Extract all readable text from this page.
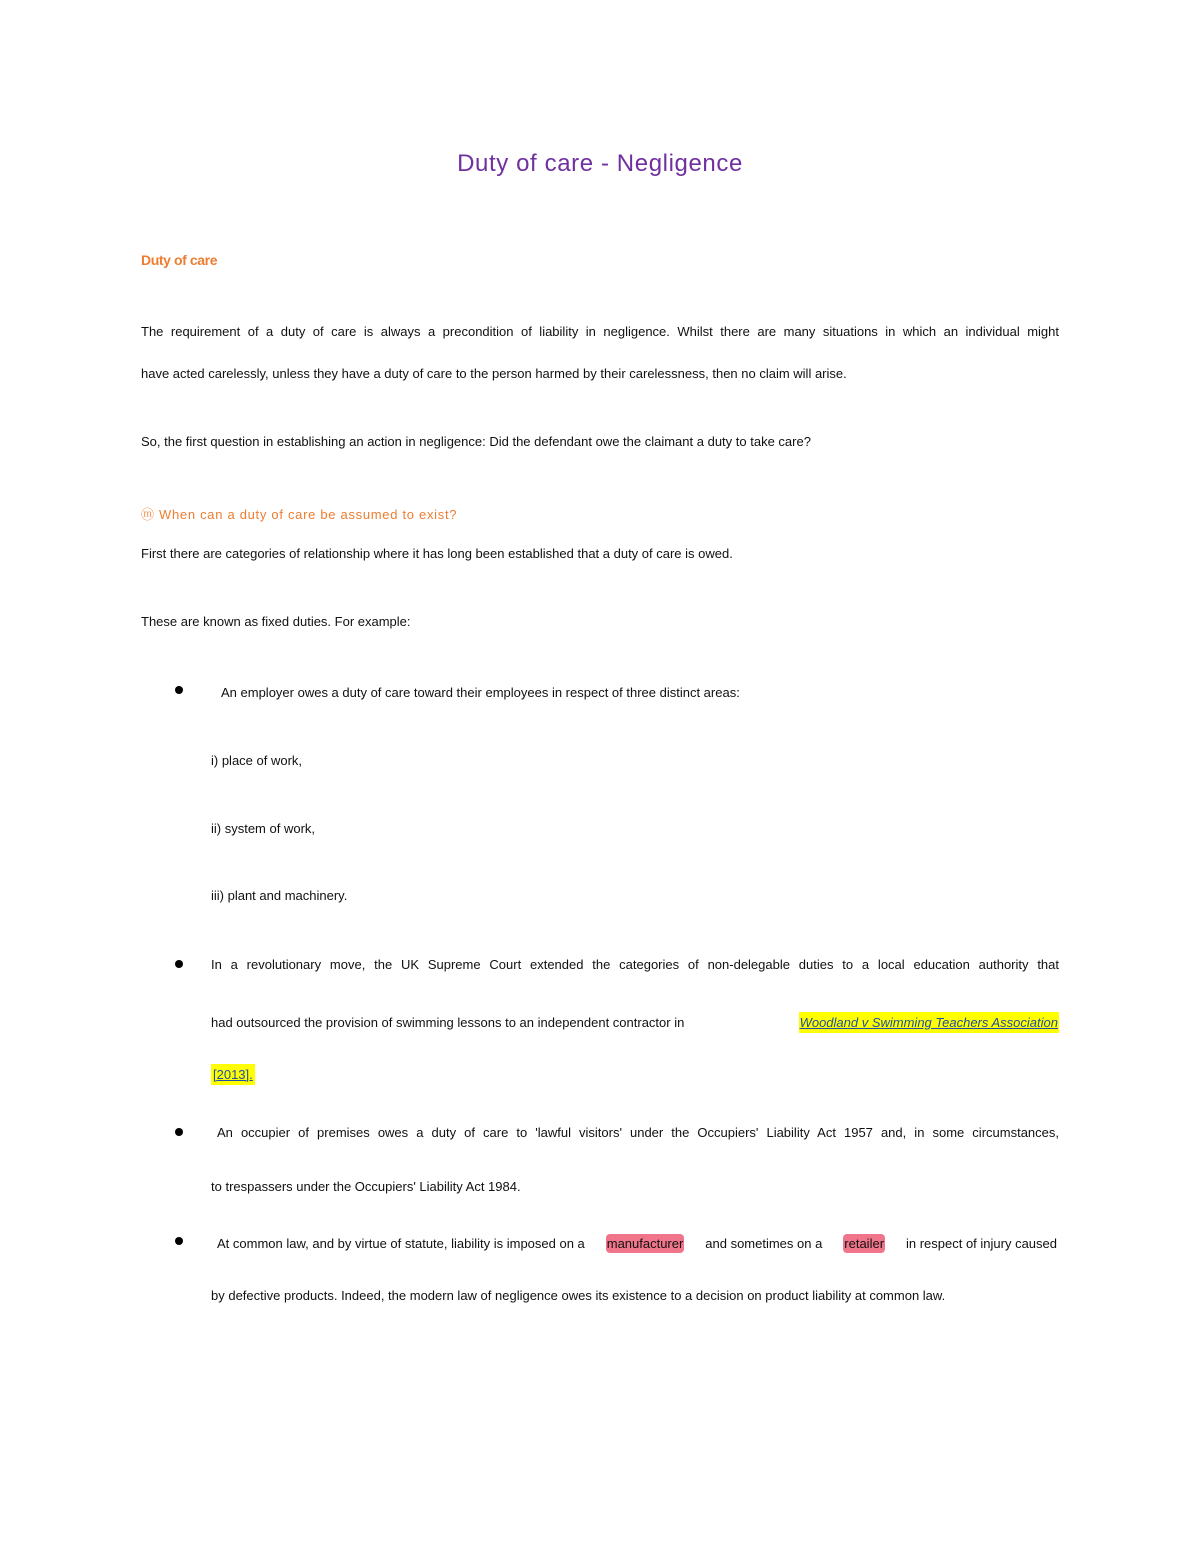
Duty of care - Negligence
Duty of care
The requirement of a duty of care is always a precondition of liability in negligence. Whilst there are many situations in which an individual might
have acted carelessly, unless they have a duty of care to the person harmed by their carelessness, then no claim will arise.
So, the first question in establishing an action in negligence: Did the defendant owe the claimant a duty to take care?
ⓜ When can a duty of care be assumed to exist?
First there are categories of relationship where it has long been established that a duty of care is owed.
These are known as fixed duties. For example:
An employer owes a duty of care toward their employees in respect of three distinct areas:
i) place of work,
ii) system of work,
iii) plant and machinery.
In a revolutionary move, the UK Supreme Court extended the categories of non-delegable duties to a local education authority that
had outsourced the provision of swimming lessons to an independent contractor in	Woodland v Swimming Teachers Association
[2013].
An occupier of premises owes a duty of care to 'lawful visitors' under the Occupiers' Liability Act 1957 and, in some circumstances,
to trespassers under the Occupiers' Liability Act 1984.
At common law, and by virtue of statute, liability is imposed on a manufacturer and sometimes on a retailer in respect of injury caused
by defective products. Indeed, the modern law of negligence owes its existence to a decision on product liability at common law.
